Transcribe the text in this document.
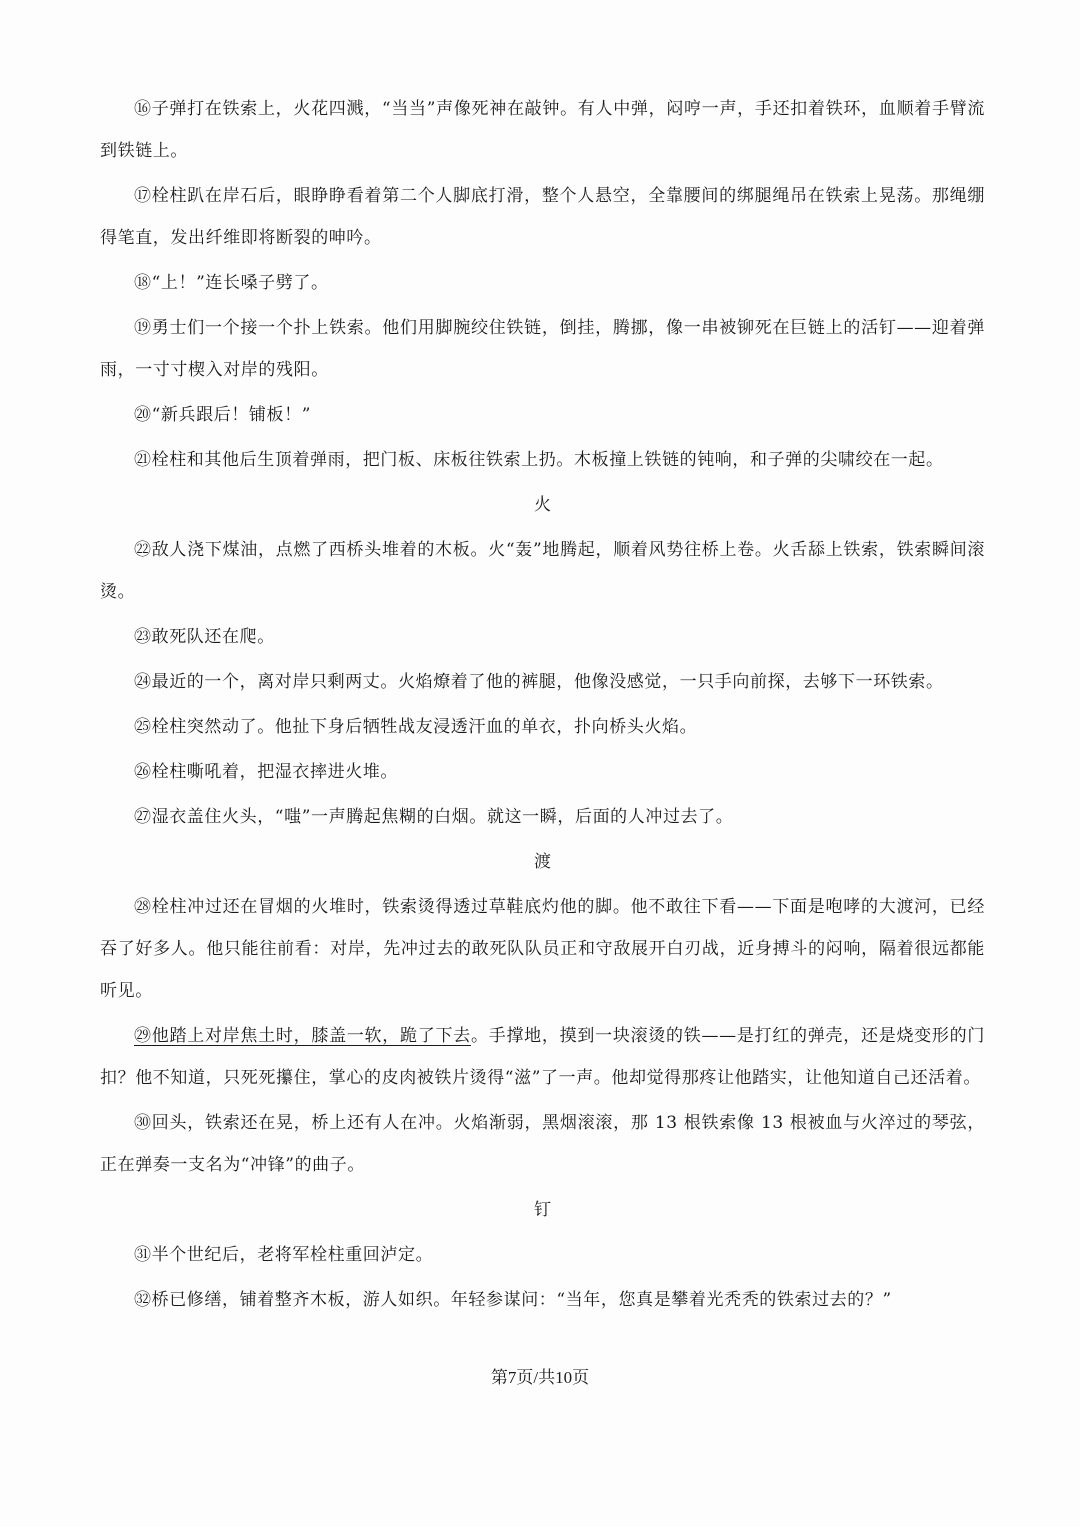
⑯子弹打在铁索上，火花四溅，“当当”声像死神在敲钟。有人中弹，闷哼一声，手还扣着铁环，血顺着手臂流到铁链上。

⑰栓柱趴在岸石后，眼睁睁看着第二个人脚底打滑，整个人悬空，全靠腰间的绑腿绳吊在铁索上晃荡。那绳绷得笔直，发出纤维即将断裂的呻吟。

⑱“上！”连长嗓子劈了。

⑲勇士们一个接一个扑上铁索。他们用脚腕绞住铁链，倒挂，腾挪，像一串被铆死在巨链上的活钉——迎着弹雨，一寸寸楔入对岸的残阳。

⑳“新兵跟后！铺板！”

㉑栓柱和其他后生顶着弹雨，把门板、床板往铁索上扔。木板撞上铁链的钝响，和子弹的尖啸绞在一起。

火

㉒敌人浇下煤油，点燃了西桥头堆着的木板。火“轰”地腾起，顺着风势往桥上卷。火舌舔上铁索，铁索瞬间滚烫。

㉓敢死队还在爬。

㉔最近的一个，离对岸只剩两丈。火焰燎着了他的裤腿，他像没感觉，一只手向前探，去够下一环铁索。

㉕栓柱突然动了。他扯下身后牺牲战友浸透汗血的单衣，扑向桥头火焰。

㉖栓柱嘶吼着，把湿衣摔进火堆。

㉗湿衣盖住火头，“嗤”一声腾起焦糊的白烟。就这一瞬，后面的人冲过去了。

渡

㉘栓柱冲过还在冒烟的火堆时，铁索烫得透过草鞋底灼他的脚。他不敢往下看——下面是咆哮的大渡河，已经吞了好多人。他只能往前看：对岸，先冲过去的敢死队队员正和守敌展开白刃战，近身搏斗的闷响，隔着很远都能听见。

㉙他踏上对岸焦土时，膝盖一软，跪了下去。手撑地，摸到一块滚烫的铁——是打红的弹壳，还是烧变形的门扣？他不知道，只死死攥住，掌心的皮肉被铁片烫得“滋”了一声。他却觉得那疼让他踏实，让他知道自己还活着。

㉚回头，铁索还在晃，桥上还有人在冲。火焰渐弱，黑烟滚滚，那 13 根铁索像 13 根被血与火淬过的琴弦，正在弹奏一支名为“冲锋”的曲子。

钉

㉛半个世纪后，老将军栓柱重回泸定。

㉜桥已修缮，铺着整齐木板，游人如织。年轻参谋问：“当年，您真是攀着光秃秃的铁索过去的？”

第7页/共10页
